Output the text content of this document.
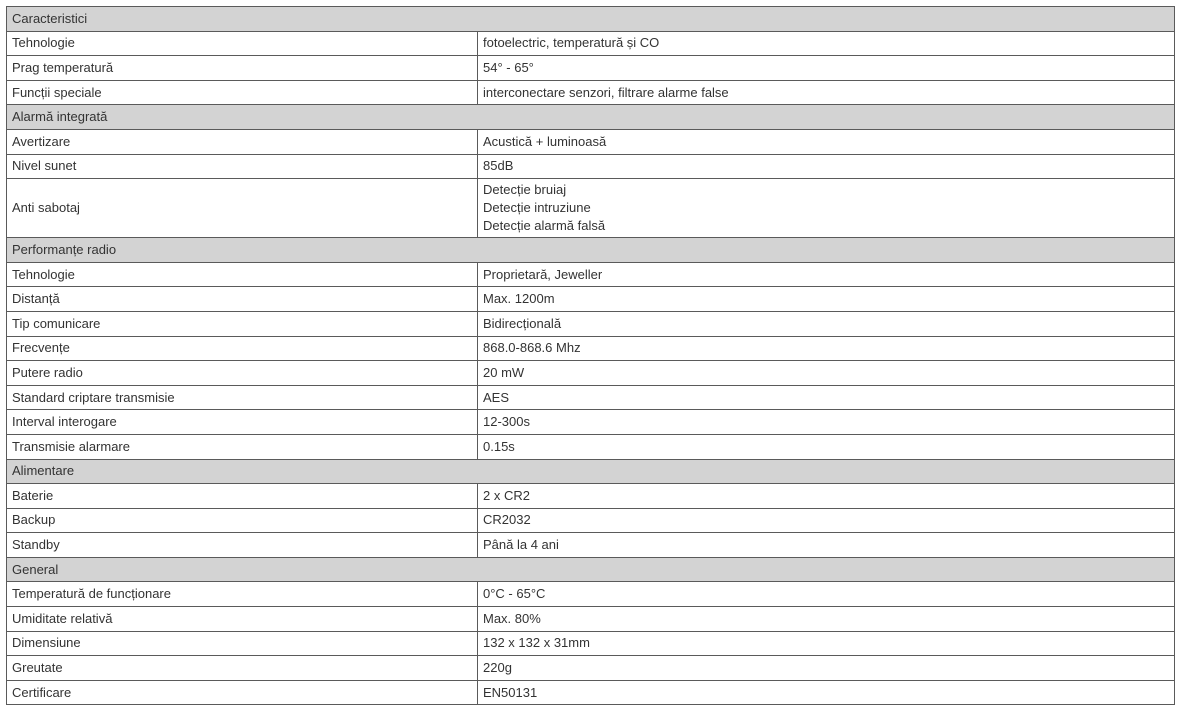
Caracteristici	
Tehnologie	fotoelectric, temperatură și CO

Prag temperatură	54° - 65°

Funcții speciale	interconectare senzori, filtrare alarme false

Alarmă integrată	
Avertizare	Acustică + luminoasă

Nivel sunet	85dB

Anti sabotaj	Detecție bruiaj
Detecție intruziune
Detecție alarmă falsă

Performanțe radio	
Tehnologie	Proprietară, Jeweller

Distanță	Max. 1200m

Tip comunicare	Bidirecțională

Frecvențe	868.0-868.6 Mhz

Putere radio	20 mW

Standard criptare transmisie	AES

Interval interogare	12-300s

Transmisie alarmare	0.15s

Alimentare	
Baterie	2 x CR2

Backup	CR2032

Standby	Până la 4 ani

General	
Temperatură de funcționare	0°C - 65°C

Umiditate relativă	Max. 80%

Dimensiune	132 x 132 x 31mm

Greutate	220g

Certificare	EN50131
